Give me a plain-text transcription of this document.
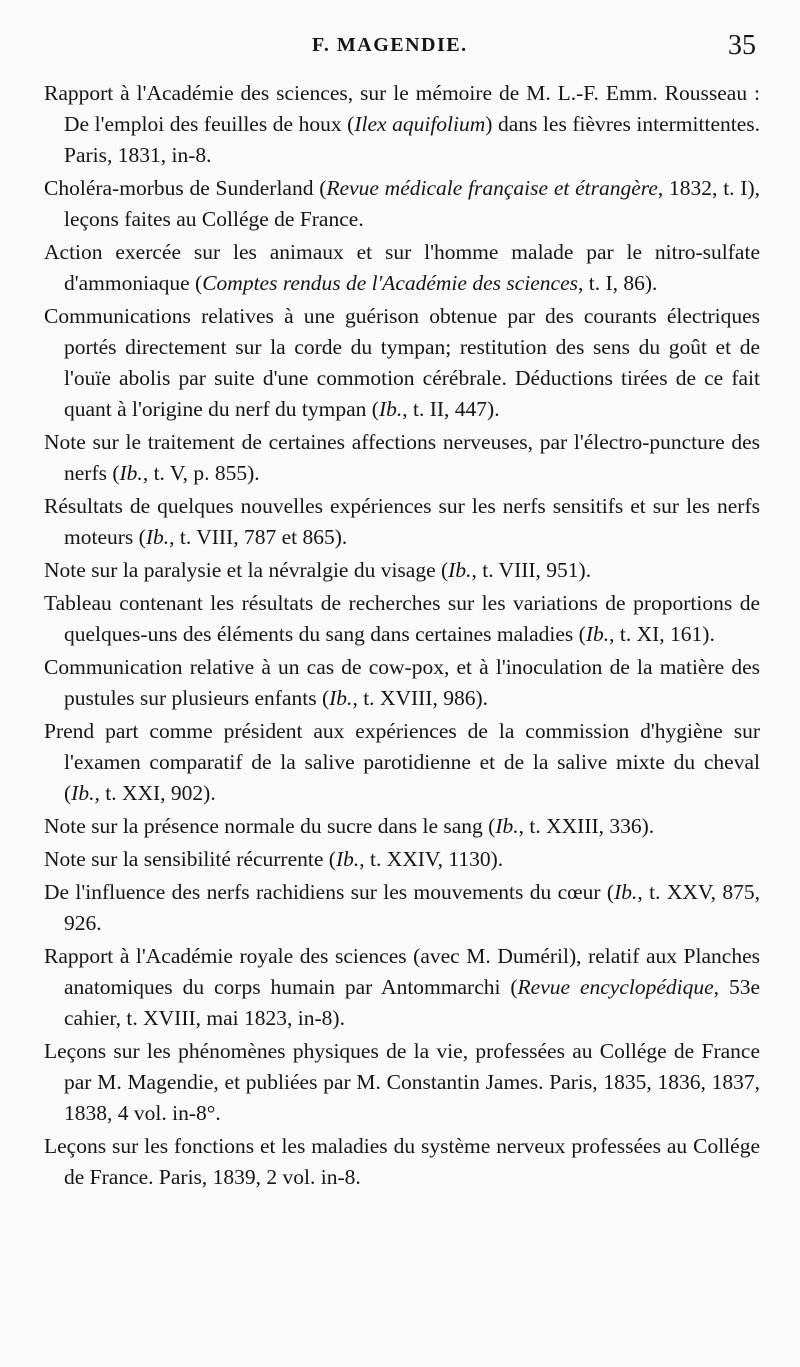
F. MAGENDIE.	35

Rapport à l'Académie des sciences, sur le mémoire de M. L.-F. Emm. Rousseau : De l'emploi des feuilles de houx (Ilex aquifolium) dans les fièvres intermittentes. Paris, 1831, in-8.

Choléra-morbus de Sunderland (Revue médicale française et étrangère, 1832, t. I), leçons faites au Collége de France.

Action exercée sur les animaux et sur l'homme malade par le nitro-sulfate d'ammoniaque (Comptes rendus de l'Académie des sciences, t. I, 86).

Communications relatives à une guérison obtenue par des courants électriques portés directement sur la corde du tympan; restitution des sens du goût et de l'ouïe abolis par suite d'une commotion cérébrale. Déductions tirées de ce fait quant à l'origine du nerf du tympan (Ib., t. II, 447).

Note sur le traitement de certaines affections nerveuses, par l'électro-puncture des nerfs (Ib., t. V, p. 855).

Résultats de quelques nouvelles expériences sur les nerfs sensitifs et sur les nerfs moteurs (Ib., t. VIII, 787 et 865).

Note sur la paralysie et la névralgie du visage (Ib., t. VIII, 951).

Tableau contenant les résultats de recherches sur les variations de proportions de quelques-uns des éléments du sang dans certaines maladies (Ib., t. XI, 161).

Communication relative à un cas de cow-pox, et à l'inoculation de la matière des pustules sur plusieurs enfants (Ib., t. XVIII, 986).

Prend part comme président aux expériences de la commission d'hygiène sur l'examen comparatif de la salive parotidienne et de la salive mixte du cheval (Ib., t. XXI, 902).

Note sur la présence normale du sucre dans le sang (Ib., t. XXIII, 336).

Note sur la sensibilité récurrente (Ib., t. XXIV, 1130).

De l'influence des nerfs rachidiens sur les mouvements du cœur (Ib., t. XXV, 875, 926.

Rapport à l'Académie royale des sciences (avec M. Duméril), relatif aux Planches anatomiques du corps humain par Antommarchi (Revue encyclopédique, 53e cahier, t. XVIII, mai 1823, in-8).

Leçons sur les phénomènes physiques de la vie, professées au Collége de France par M. Magendie, et publiées par M. Constantin James. Paris, 1835, 1836, 1837, 1838, 4 vol. in-8°.

Leçons sur les fonctions et les maladies du système nerveux professées au Collége de France. Paris, 1839, 2 vol. in-8.
